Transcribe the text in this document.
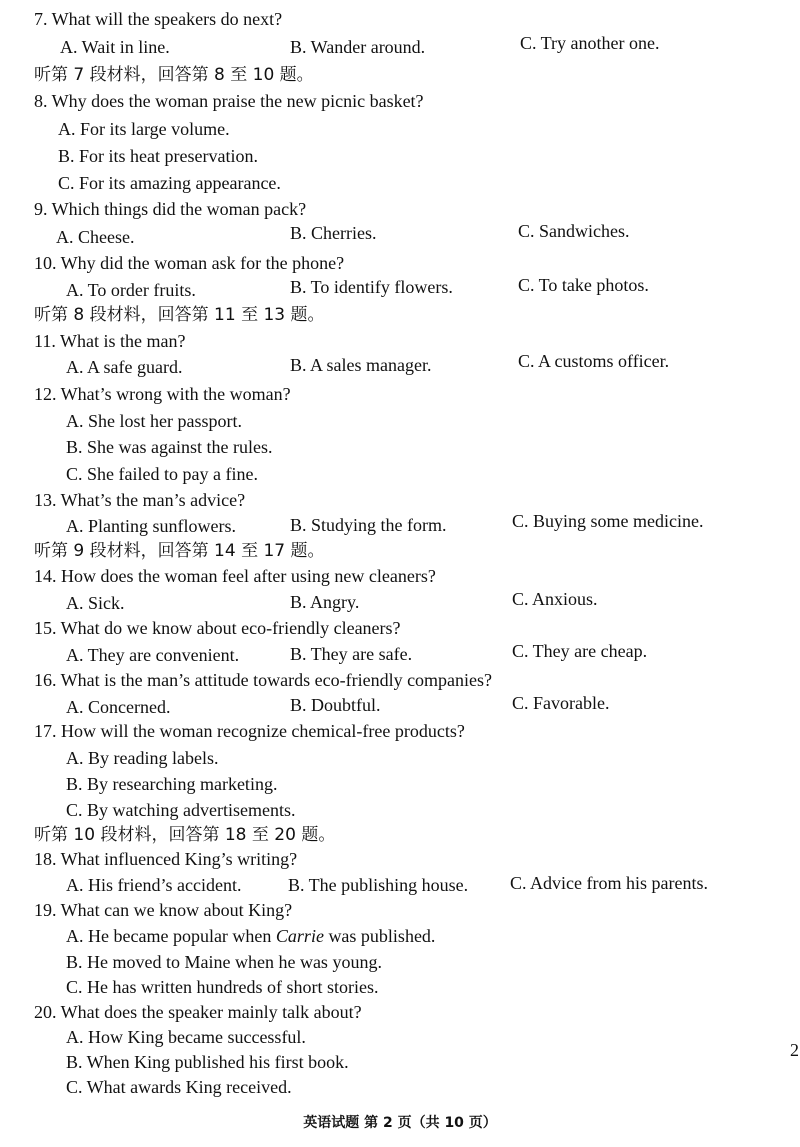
7. What will the speakers do next?
A. Wait in line.	B. Wander around.	C. Try another one.
听第 7 段材料，回答第 8 至 10 题。
8. Why does the woman praise the new picnic basket?
A. For its large volume.
B. For its heat preservation.
C. For its amazing appearance.
9. Which things did the woman pack?
A. Cheese.	B. Cherries.	C. Sandwiches.
10. Why did the woman ask for the phone?
A. To order fruits.	B. To identify flowers.	C. To take photos.
听第 8 段材料，回答第 11 至 13 题。
11. What is the man?
A. A safe guard.	B. A sales manager.	C. A customs officer.
12. What’s wrong with the woman?
A. She lost her passport.
B. She was against the rules.
C. She failed to pay a fine.
13. What’s the man’s advice?
A. Planting sunflowers.	B. Studying the form.	C. Buying some medicine.
听第 9 段材料，回答第 14 至 17 题。
14. How does the woman feel after using new cleaners?
A. Sick.	B. Angry.	C. Anxious.
15. What do we know about eco-friendly cleaners?
A. They are convenient.	B. They are safe.	C. They are cheap.
16. What is the man’s attitude towards eco-friendly companies?
A. Concerned.	B. Doubtful.	C. Favorable.
17. How will the woman recognize chemical-free products?
A. By reading labels.
B. By researching marketing.
C. By watching advertisements.
听第 10 段材料，回答第 18 至 20 题。
18. What influenced King’s writing?
A. His friend’s accident.	B. The publishing house. C. Advice from his parents.
19. What can we know about King?
A. He became popular when Carrie was published.
B. He moved to Maine when he was young.
C. He has written hundreds of short stories.
20. What does the speaker mainly talk about?
A. How King became successful.
B. When King published his first book.
C. What awards King received.
2
英语试题 第 2 页（共 10 页）
